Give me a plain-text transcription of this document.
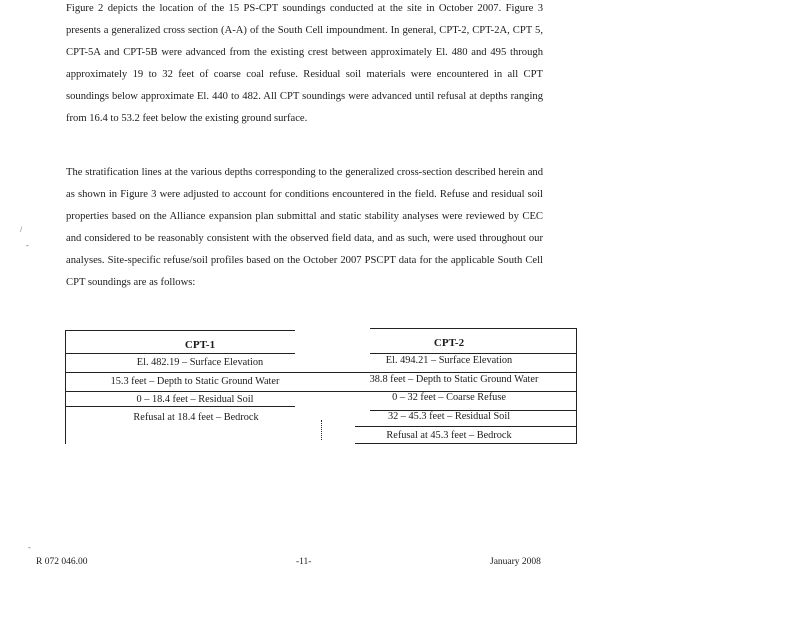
Figure 2 depicts the location of the 15 PS-CPT soundings conducted at the site in October 2007. Figure 3 presents a generalized cross section (A-A) of the South Cell impoundment. In general, CPT-2, CPT-2A, CPT 5, CPT-5A and CPT-5B were advanced from the existing crest between approximately El. 480 and 495 through approximately 19 to 32 feet of coarse coal refuse. Residual soil materials were encountered in all CPT soundings below approximate El. 440 to 482. All CPT soundings were advanced until refusal at depths ranging from 16.4 to 53.2 feet below the existing ground surface.

The stratification lines at the various depths corresponding to the generalized cross-section described herein and as shown in Figure 3 were adjusted to account for conditions encountered in the field. Refuse and residual soil properties based on the Alliance expansion plan submittal and static stability analyses were reviewed by CEC and considered to be reasonably consistent with the observed field data, and as such, were used throughout our analyses. Site-specific refuse/soil profiles based on the October 2007 PSCPT data for the applicable South Cell CPT soundings are as follows:

/
-
-
CPT-1
El. 482.19 – Surface Elevation
15.3 feet – Depth to Static Ground Water
0 – 18.4 feet – Residual Soil
Refusal at 18.4 feet – Bedrock
CPT-2
El. 494.21 – Surface Elevation
38.8 feet – Depth to Static Ground Water
0 – 32 feet – Coarse Refuse
32 – 45.3 feet – Residual Soil
Refusal at 45.3 feet – Bedrock
R 072 046.00	-11-	January 2008
